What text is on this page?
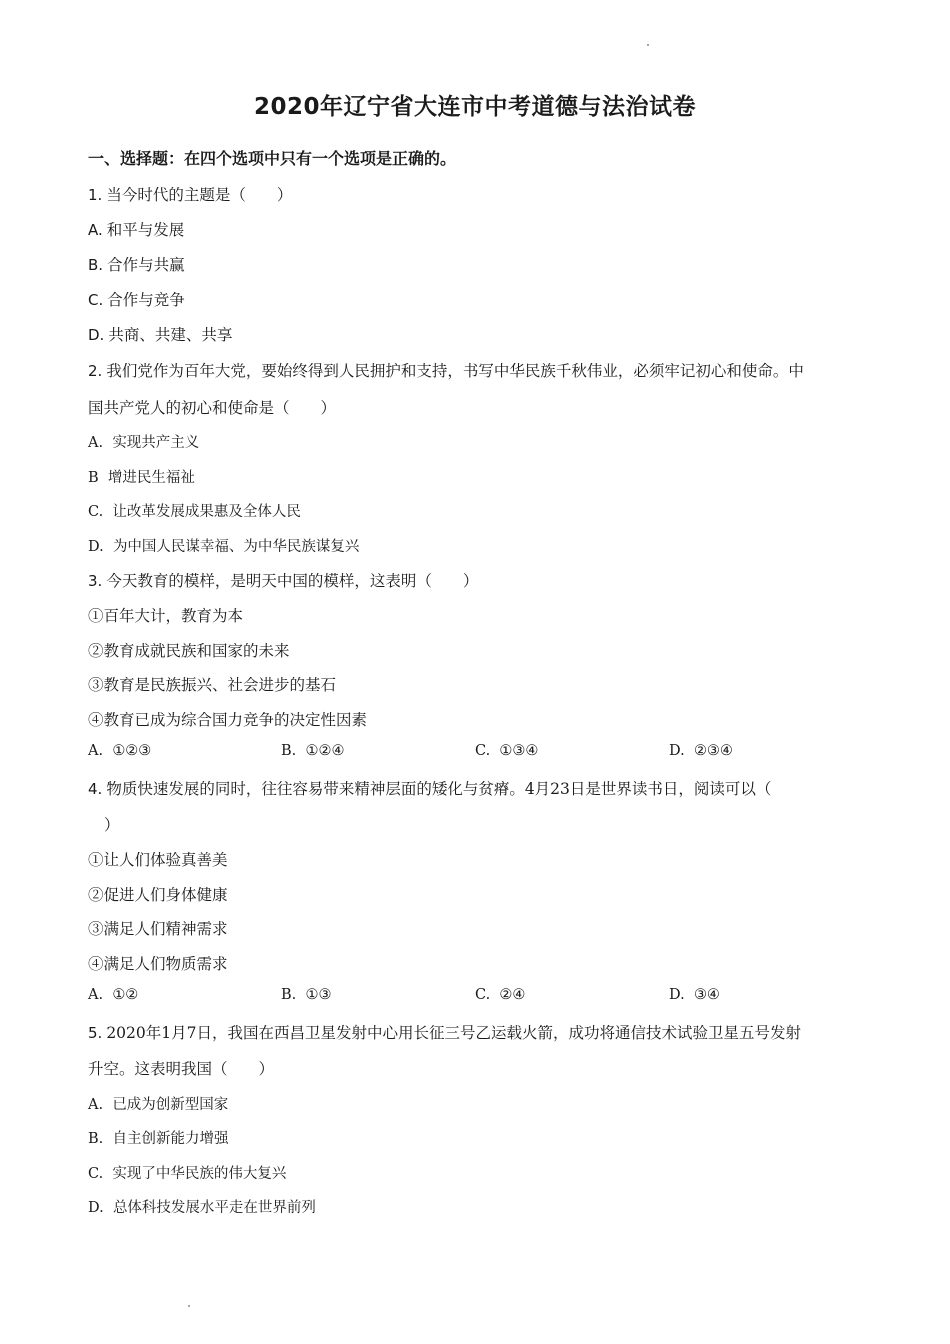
2020年辽宁省大连市中考道德与法治试卷
一、选择题：在四个选项中只有一个选项是正确的。
1. 当今时代的主题是（　　）
A. 和平与发展
B. 合作与共赢
C. 合作与竞争
D. 共商、共建、共享
2. 我们党作为百年大党，要始终得到人民拥护和支持，书写中华民族千秋伟业，必须牢记初心和使命。中
国共产党人的初心和使命是（　　）
A. 实现共产主义
B 增进民生福祉
C. 让改革发展成果惠及全体人民
D. 为中国人民谋幸福、为中华民族谋复兴
3. 今天教育的模样，是明天中国的模样，这表明（　　）
①百年大计，教育为本
②教育成就民族和国家的未来
③教育是民族振兴、社会进步的基石
④教育已成为综合国力竞争的决定性因素
A. ①②③	B. ①②④	C. ①③④	D. ②③④
4. 物质快速发展的同时，往往容易带来精神层面的矮化与贫瘠。4月23日是世界读书日，阅读可以（
）
①让人们体验真善美
②促进人们身体健康
③满足人们精神需求
④满足人们物质需求
A. ①②	B. ①③	C. ②④	D. ③④
5. 2020年1月7日，我国在西昌卫星发射中心用长征三号乙运载火箭，成功将通信技术试验卫星五号发射
升空。这表明我国（　　）
A. 已成为创新型国家
B. 自主创新能力增强
C. 实现了中华民族的伟大复兴
D. 总体科技发展水平走在世界前列
